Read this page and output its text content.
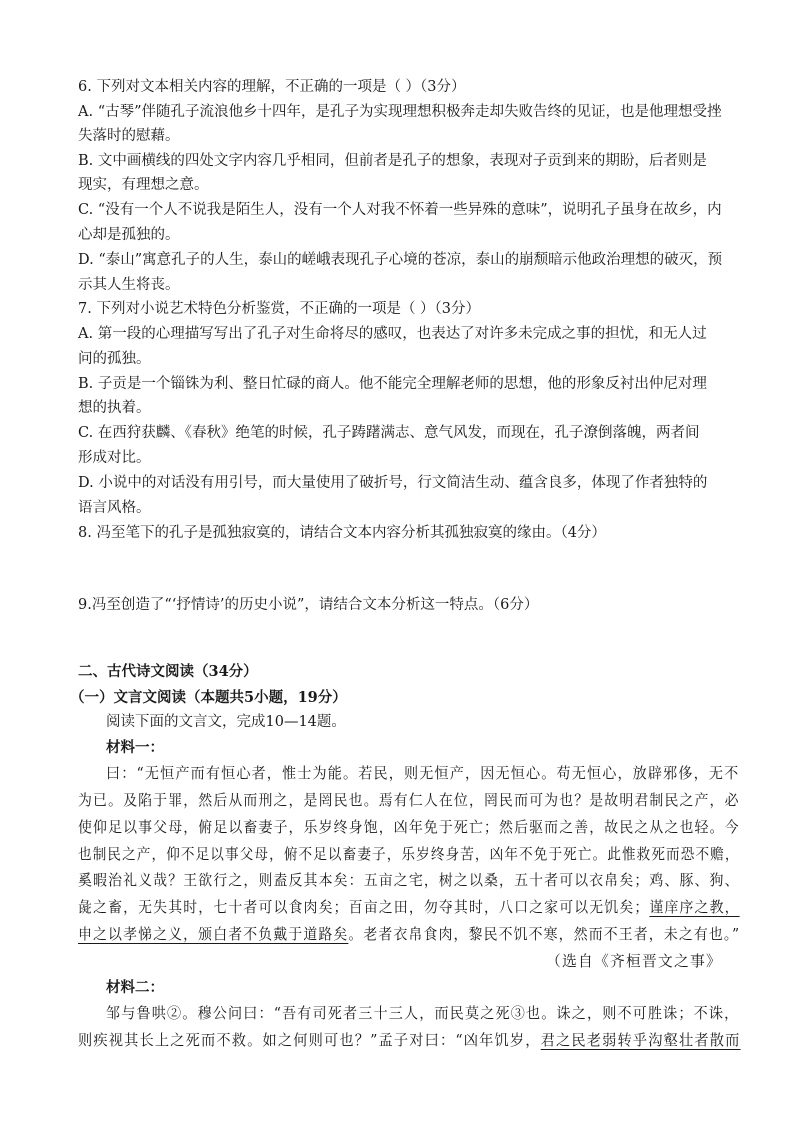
6. 下列对文本相关内容的理解，不正确的一项是（ ）（3分）
A. “古琴”伴随孔子流浪他乡十四年，是孔子为实现理想积极奔走却失败告终的见证，也是他理想受挫
失落时的慰藉。
B. 文中画横线的四处文字内容几乎相同，但前者是孔子的想象，表现对子贡到来的期盼，后者则是
现实，有理想之意。
C. “没有一个人不说我是陌生人，没有一个人对我不怀着一些异殊的意味”，说明孔子虽身在故乡，内
心却是孤独的。
D. “泰山”寓意孔子的人生，泰山的嵯峨表现孔子心境的苍凉，泰山的崩颓暗示他政治理想的破灭，预
示其人生将丧。
7. 下列对小说艺术特色分析鉴赏，不正确的一项是（ ）（3分）
A. 第一段的心理描写写出了孔子对生命将尽的感叹，也表达了对许多未完成之事的担忧，和无人过
问的孤独。
B. 子贡是一个锱铢为利、整日忙碌的商人。他不能完全理解老师的思想，他的形象反衬出仲尼对理
想的执着。
C. 在西狩获麟、《春秋》绝笔的时候，孔子踌躇满志、意气风发，而现在，孔子潦倒落魄，两者间
形成对比。
D. 小说中的对话没有用引号，而大量使用了破折号，行文简洁生动、蕴含良多，体现了作者独特的
语言风格。
8. 冯至笔下的孔子是孤独寂寞的，请结合文本内容分析其孤独寂寞的缘由。（4分）
9.冯至创造了“‘抒情诗’的历史小说”，请结合文本分析这一特点。（6分）
二、古代诗文阅读（34分）
（一）文言文阅读（本题共5小题，19分）
阅读下面的文言文，完成10—14题。
材料一：
曰：“无恒产而有恒心者，惟士为能。若民，则无恒产，因无恒心。苟无恒心，放辟邪侈，无不
为已。及陷于罪，然后从而刑之，是罔民也。焉有仁人在位，罔民而可为也？是故明君制民之产，必
使仰足以事父母，俯足以畜妻子，乐岁终身饱，凶年免于死亡；然后驱而之善，故民之从之也轻。今
也制民之产，仰不足以事父母，俯不足以畜妻子，乐岁终身苦，凶年不免于死亡。此惟救死而恐不赡，
奚暇治礼义哉？王欲行之，则盍反其本矣：五亩之宅，树之以桑，五十者可以衣帛矣；鸡、豚、狗、
彘之畜，无失其时，七十者可以食肉矣；百亩之田，勿夺其时，八口之家可以无饥矣；谨庠序之教，
申之以孝悌之义，颁白者不负戴于道路矣。老者衣帛食肉，黎民不饥不寒，然而不王者，未之有也。”
（选自《齐桓晋文之事》
材料二：
邹与鲁哄②。穆公问曰：“吾有司死者三十三人，而民莫之死③也。诛之，则不可胜诛；不诛，
则疾视其长上之死而不救。如之何则可也？”孟子对曰：“凶年饥岁，君之民老弱转乎沟壑壮者散而
